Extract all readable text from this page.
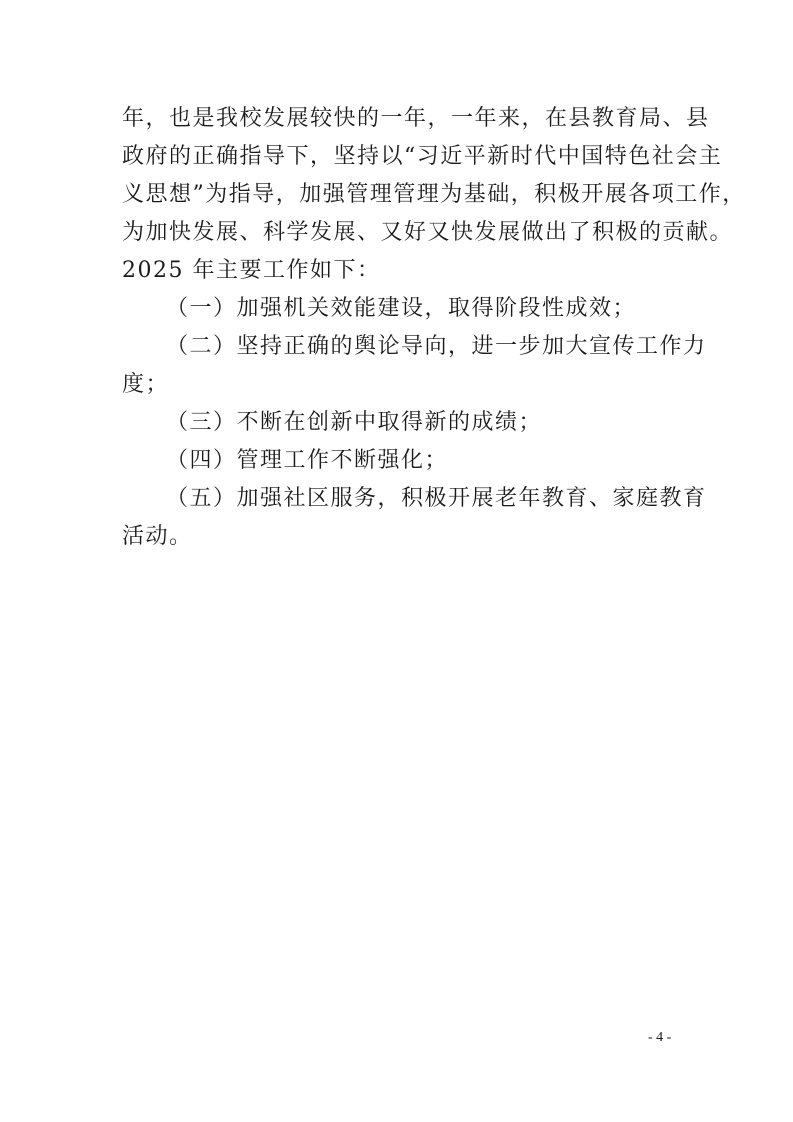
年，也是我校发展较快的一年，一年来，在县教育局、县
政府的正确指导下，坚持以“习近平新时代中国特色社会主
义思想”为指导，加强管理管理为基础，积极开展各项工作，
为加快发展、科学发展、又好又快发展做出了积极的贡献。
2025 年主要工作如下：
（一）加强机关效能建设，取得阶段性成效；
（二）坚持正确的舆论导向，进一步加大宣传工作力
度；
（三）不断在创新中取得新的成绩；
（四）管理工作不断强化；
（五）加强社区服务，积极开展老年教育、家庭教育
活动。
- 4 -
